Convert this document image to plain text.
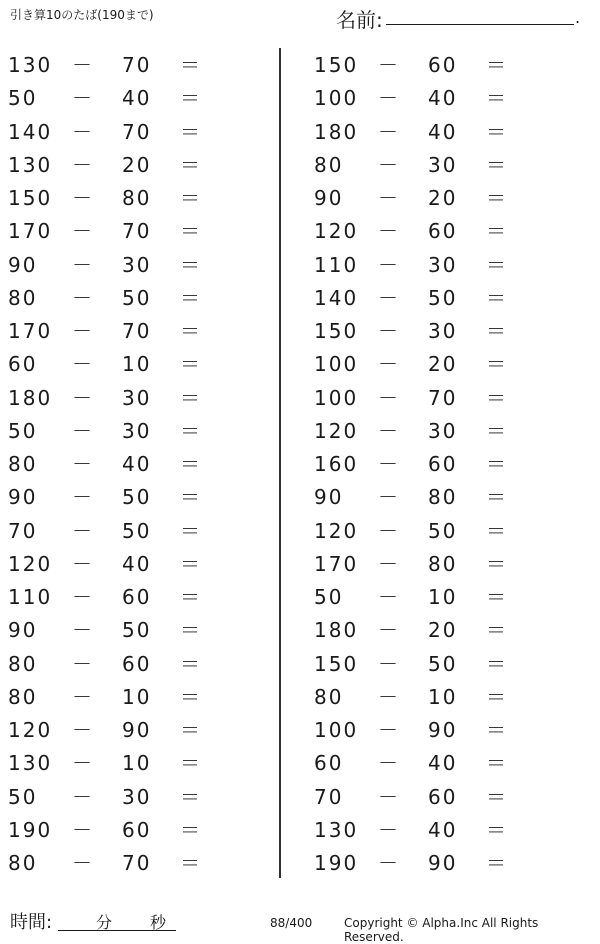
引き算10のたば(190まで)	名前:	.
130 － 70 ＝
50 － 40 ＝
140 － 70 ＝
130 － 20 ＝
150 － 80 ＝
170 － 70 ＝
90 － 30 ＝
80 － 50 ＝
170 － 70 ＝
60 － 10 ＝
180 － 30 ＝
50 － 30 ＝
80 － 40 ＝
90 － 50 ＝
70 － 50 ＝
120 － 40 ＝
110 － 60 ＝
90 － 50 ＝
80 － 60 ＝
80 － 10 ＝
120 － 90 ＝
130 － 10 ＝
50 － 30 ＝
190 － 60 ＝
80 － 70 ＝
150 － 60 ＝
100 － 40 ＝
180 － 40 ＝
80 － 30 ＝
90 － 20 ＝
120 － 60 ＝
110 － 30 ＝
140 － 50 ＝
150 － 30 ＝
100 － 20 ＝
100 － 70 ＝
120 － 30 ＝
160 － 60 ＝
90 － 80 ＝
120 － 50 ＝
170 － 80 ＝
50 － 10 ＝
180 － 20 ＝
150 － 50 ＝
80 － 10 ＝
100 － 90 ＝
60 － 40 ＝
70 － 60 ＝
130 － 40 ＝
190 － 90 ＝
時間:	分 秒	88/400	Copyright © Alpha.Inc All Rights Reserved.
